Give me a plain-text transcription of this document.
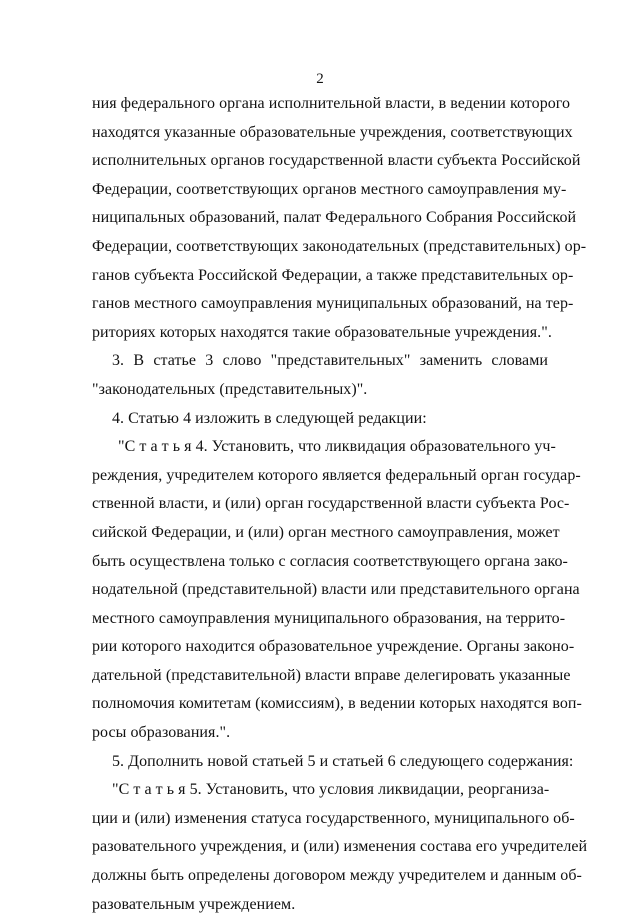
2
ния федерального органа исполнительной власти, в ведении которого
находятся указанные образовательные учреждения, соответствующих
исполнительных органов государственной власти субъекта Российской
Федерации, соответствующих органов местного самоуправления му-
ниципальных образований, палат Федерального Собрания Российской
Федерации, соответствующих законодательных (представительных) ор-
ганов субъекта Российской Федерации, а также представительных ор-
ганов местного самоуправления муниципальных образований, на тер-
риториях которых находятся такие образовательные учреждения.".
3. В статье 3 слово "представительных" заменить словами
"законодательных (представительных)".
4. Статью 4 изложить в следующей редакции:
"С т а т ь я 4. Установить, что ликвидация образовательного уч-
реждения, учредителем которого является федеральный орган государ-
ственной власти, и (или) орган государственной власти субъекта Рос-
сийской Федерации, и (или) орган местного самоуправления, может
быть осуществлена только с согласия соответствующего органа зако-
нодательной (представительной) власти или представительного органа
местного самоуправления муниципального образования, на террито-
рии которого находится образовательное учреждение. Органы законо-
дательной (представительной) власти вправе делегировать указанные
полномочия комитетам (комиссиям), в ведении которых находятся воп-
росы образования.".
5. Дополнить новой статьей 5 и статьей 6 следующего содержания:
"С т а т ь я 5. Установить, что условия ликвидации, реорганиза-
ции и (или) изменения статуса государственного, муниципального об-
разовательного учреждения, и (или) изменения состава его учредителей
должны быть определены договором между учредителем и данным об-
разовательным учреждением.
